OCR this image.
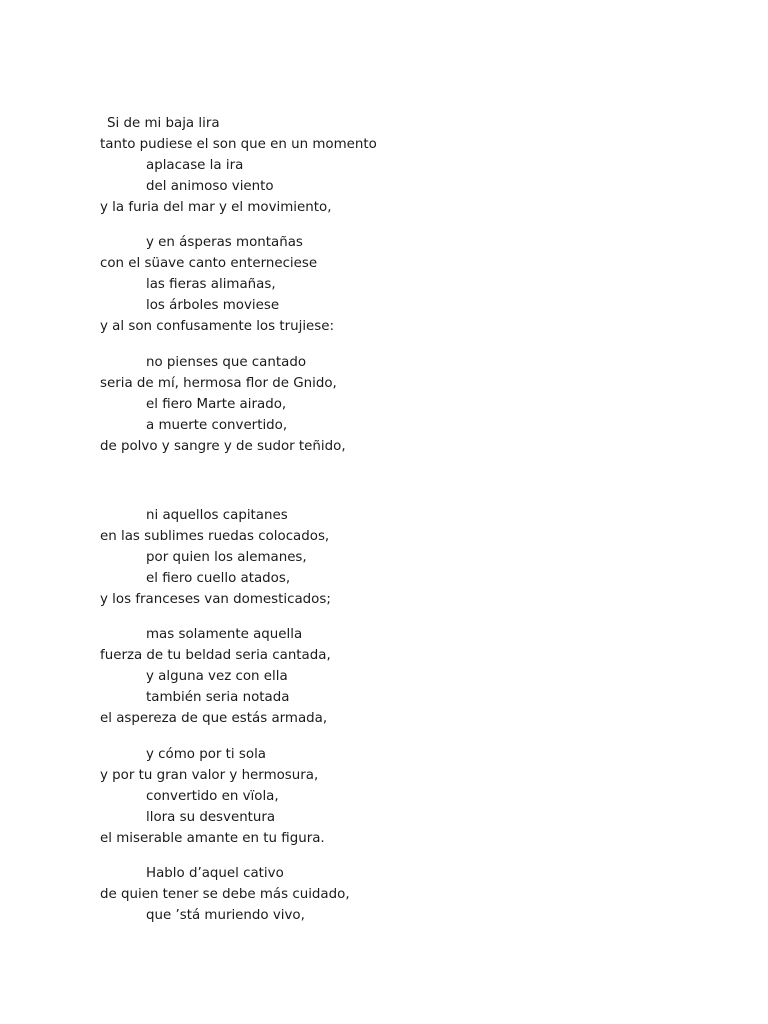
Si de mi baja lira
tanto pudiese el son que en un momento
aplacase la ira
del animoso viento
y la furia del mar y el movimiento,
y en ásperas montañas
con el süave canto enterneciese
las fieras alimañas,
los árboles moviese
y al son confusamente los trujiese:
no pienses que cantado
seria de mí, hermosa flor de Gnido,
el fiero Marte airado,
a muerte convertido,
de polvo y sangre y de sudor teñido,
ni aquellos capitanes
en las sublimes ruedas colocados,
por quien los alemanes,
el fiero cuello atados,
y los franceses van domesticados;
mas solamente aquella
fuerza de tu beldad seria cantada,
y alguna vez con ella
también seria notada
el aspereza de que estás armada,
y cómo por ti sola
y por tu gran valor y hermosura,
convertido en vïola,
llora su desventura
el miserable amante en tu figura.
Hablo d’aquel cativo
de quien tener se debe más cuidado,
que ’stá muriendo vivo,
